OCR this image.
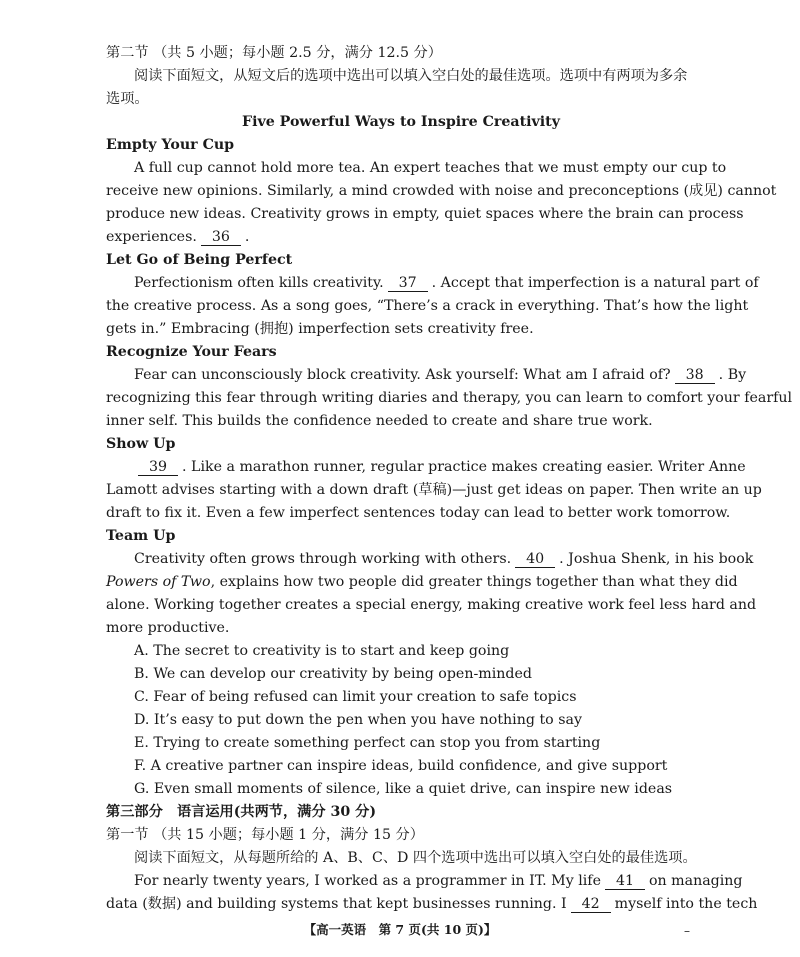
第二节 （共 5 小题；每小题 2.5 分，满分 12.5 分）
阅读下面短文，从短文后的选项中选出可以填入空白处的最佳选项。选项中有两项为多余
选项。
Five Powerful Ways to Inspire Creativity
Empty Your Cup
A full cup cannot hold more tea. An expert teaches that we must empty our cup to
receive new opinions. Similarly, a mind crowded with noise and preconceptions (成见) cannot
produce new ideas. Creativity grows in empty, quiet spaces where the brain can process
experiences. 36 .
Let Go of Being Perfect
Perfectionism often kills creativity. 37 . Accept that imperfection is a natural part of
the creative process. As a song goes, “There’s a crack in everything. That’s how the light
gets in.” Embracing (拥抱) imperfection sets creativity free.
Recognize Your Fears
Fear can unconsciously block creativity. Ask yourself: What am I afraid of? 38 . By
recognizing this fear through writing diaries and therapy, you can learn to comfort your fearful
inner self. This builds the confidence needed to create and share true work.
Show Up
39 . Like a marathon runner, regular practice makes creating easier. Writer Anne
Lamott advises starting with a down draft (草稿)—just get ideas on paper. Then write an up
draft to fix it. Even a few imperfect sentences today can lead to better work tomorrow.
Team Up
Creativity often grows through working with others. 40 . Joshua Shenk, in his book
Powers of Two, explains how two people did greater things together than what they did
alone. Working together creates a special energy, making creative work feel less hard and
more productive.
A. The secret to creativity is to start and keep going
B. We can develop our creativity by being open-minded
C. Fear of being refused can limit your creation to safe topics
D. It’s easy to put down the pen when you have nothing to say
E. Trying to create something perfect can stop you from starting
F. A creative partner can inspire ideas, build confidence, and give support
G. Even small moments of silence, like a quiet drive, can inspire new ideas
第三部分　语言运用(共两节，满分 30 分)
第一节 （共 15 小题；每小题 1 分，满分 15 分）
阅读下面短文，从每题所给的 A、B、C、D 四个选项中选出可以填入空白处的最佳选项。
For nearly twenty years, I worked as a programmer in IT. My life 41 on managing
data (数据) and building systems that kept businesses running. I 42 myself into the tech
【高一英语　第 7 页(共 10 页)】	–
